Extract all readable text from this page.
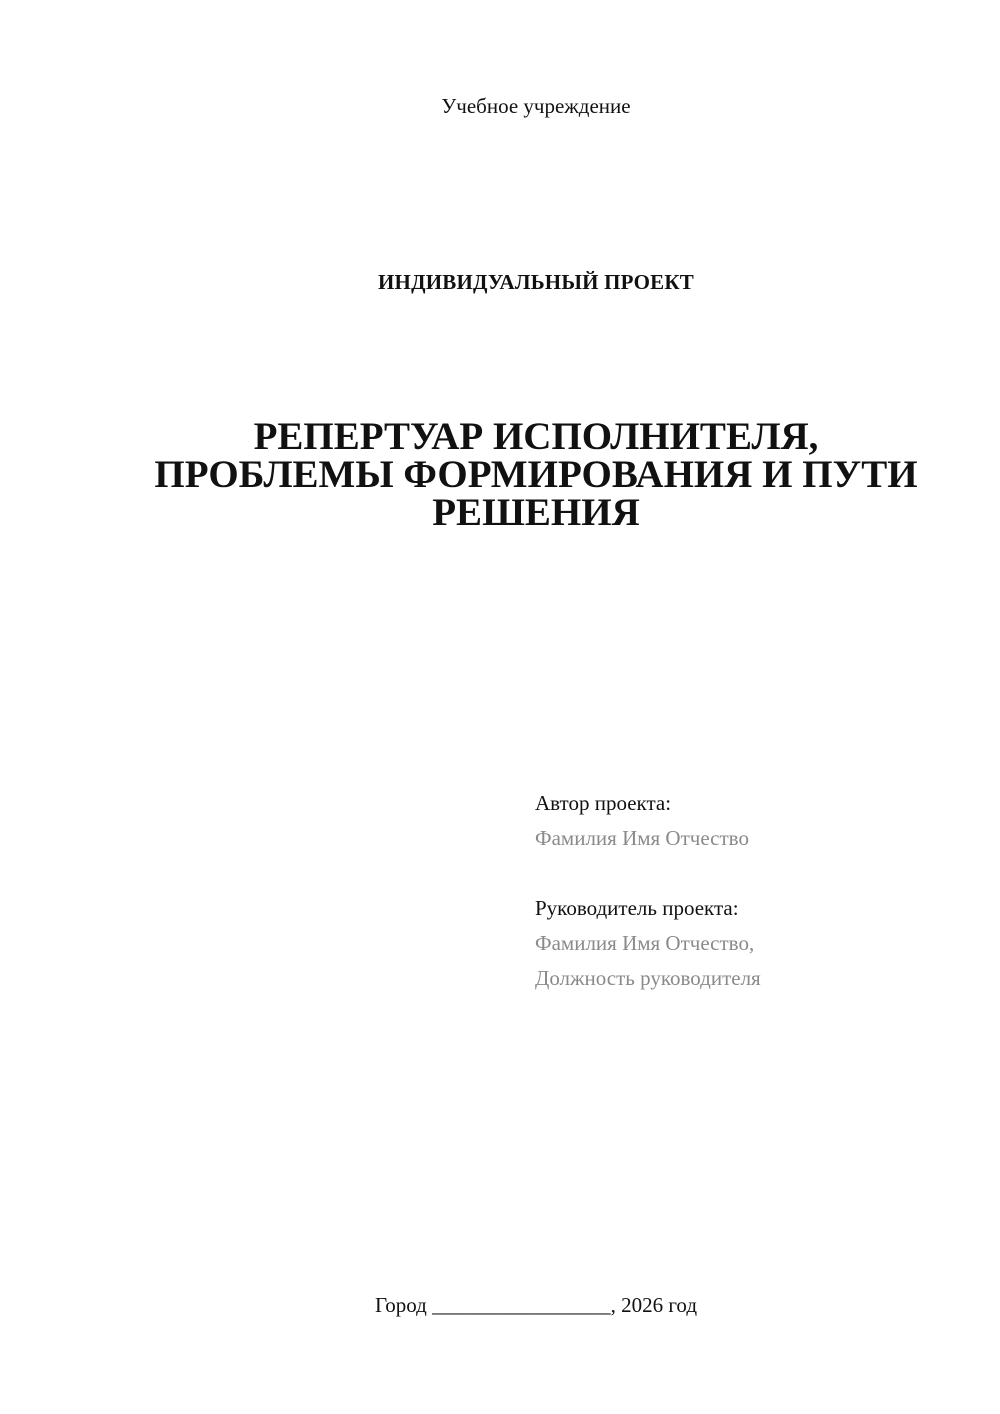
Учебное учреждение
ИНДИВИДУАЛЬНЫЙ ПРОЕКТ
РЕПЕРТУАР ИСПОЛНИТЕЛЯ,
ПРОБЛЕМЫ ФОРМИРОВАНИЯ И ПУТИ
РЕШЕНИЯ
Автор проекта:
Фамилия Имя Отчество
Руководитель проекта:
Фамилия Имя Отчество,
Должность руководителя
Город _________________, 2026 год
